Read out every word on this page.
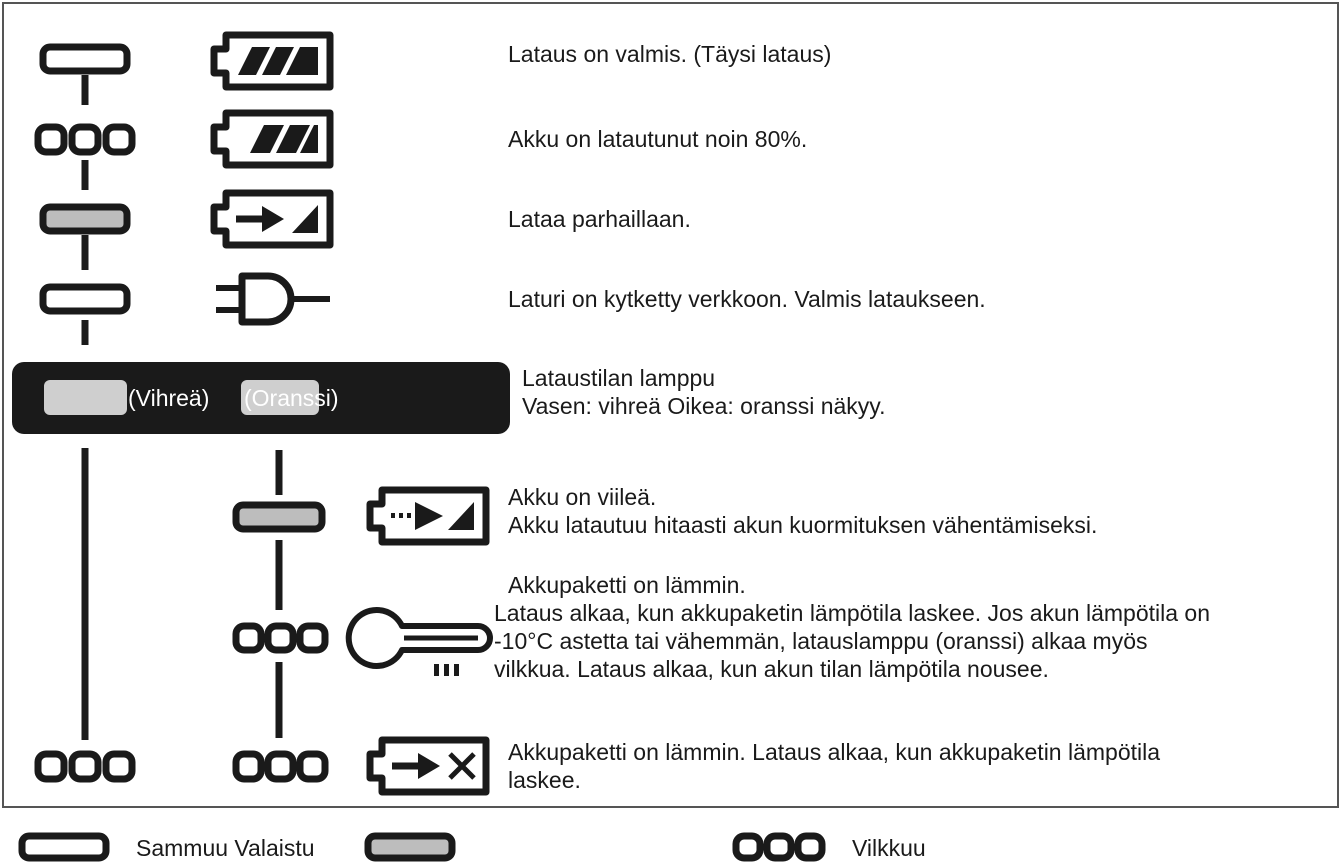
Lataus on valmis. (Täysi lataus)
Akku on latautunut noin 80%.
Lataa parhaillaan.
Laturi on kytketty verkkoon. Valmis lataukseen.
(Vihreä) (Oranssi)
Lataustilan lamppu
Vasen: vihreä Oikea: oranssi näkyy.
Akku on viileä.
Akku latautuu hitaasti akun kuormituksen vähentämiseksi.
Akkupaketti on lämmin.
Lataus alkaa, kun akkupaketin lämpötila laskee. Jos akun lämpötila on
-10°C astetta tai vähemmän, latauslamppu (oranssi) alkaa myös
vilkkua. Lataus alkaa, kun akun tilan lämpötila nousee.
Akkupaketti on lämmin. Lataus alkaa, kun akkupaketin lämpötila
laskee.
Sammuu Valaistu	Vilkkuu
